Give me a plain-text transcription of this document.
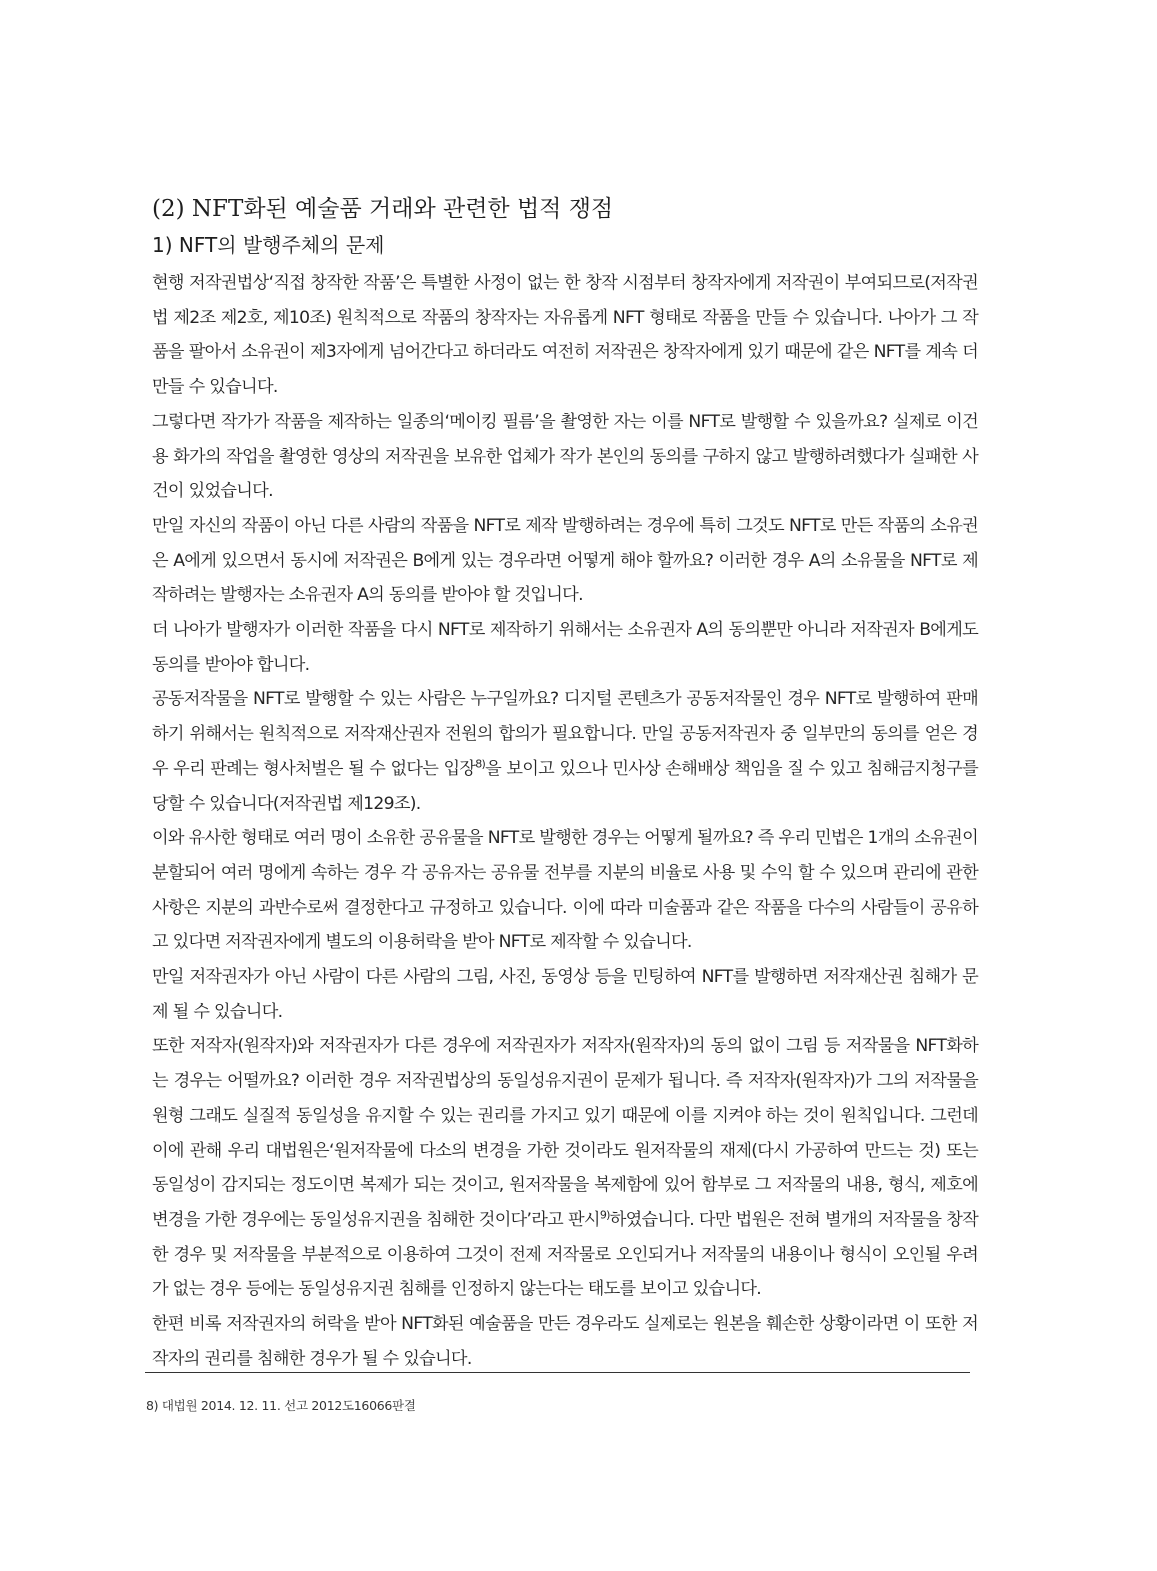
(2) NFT화된 예술품 거래와 관련한 법적 쟁점
1) NFT의 발행주체의 문제

현행 저작권법상‘직접 창작한 작품’은 특별한 사정이 없는 한 창작 시점부터 창작자에게 저작권이 부여되므로(저작권법 제2조 제2호, 제10조) 원칙적으로 작품의 창작자는 자유롭게 NFT 형태로 작품을 만들 수 있습니다. 나아가 그 작품을 팔아서 소유권이 제3자에게 넘어간다고 하더라도 여전히 저작권은 창작자에게 있기 때문에 같은 NFT를 계속 더 만들 수 있습니다.

그렇다면 작가가 작품을 제작하는 일종의‘메이킹 필름’을 촬영한 자는 이를 NFT로 발행할 수 있을까요? 실제로 이건용 화가의 작업을 촬영한 영상의 저작권을 보유한 업체가 작가 본인의 동의를 구하지 않고 발행하려했다가 실패한 사건이 있었습니다.

만일 자신의 작품이 아닌 다른 사람의 작품을 NFT로 제작 발행하려는 경우에 특히 그것도 NFT로 만든 작품의 소유권은 A에게 있으면서 동시에 저작권은 B에게 있는 경우라면 어떻게 해야 할까요? 이러한 경우 A의 소유물을 NFT로 제작하려는 발행자는 소유권자 A의 동의를 받아야 할 것입니다.

더 나아가 발행자가 이러한 작품을 다시 NFT로 제작하기 위해서는 소유권자 A의 동의뿐만 아니라 저작권자 B에게도 동의를 받아야 합니다.

공동저작물을 NFT로 발행할 수 있는 사람은 누구일까요? 디지털 콘텐츠가 공동저작물인 경우 NFT로 발행하여 판매하기 위해서는 원칙적으로 저작재산권자 전원의 합의가 필요합니다. 만일 공동저작권자 중 일부만의 동의를 얻은 경우 우리 판례는 형사처벌은 될 수 없다는 입장$^{8)}$을 보이고 있으나 민사상 손해배상 책임을 질 수 있고 침해금지청구를 당할 수 있습니다(저작권법 제129조).

이와 유사한 형태로 여러 명이 소유한 공유물을 NFT로 발행한 경우는 어떻게 될까요? 즉 우리 민법은 1개의 소유권이 분할되어 여러 명에게 속하는 경우 각 공유자는 공유물 전부를 지분의 비율로 사용 및 수익 할 수 있으며 관리에 관한 사항은 지분의 과반수로써 결정한다고 규정하고 있습니다. 이에 따라 미술품과 같은 작품을 다수의 사람들이 공유하고 있다면 저작권자에게 별도의 이용허락을 받아 NFT로 제작할 수 있습니다.

만일 저작권자가 아닌 사람이 다른 사람의 그림, 사진, 동영상 등을 민팅하여 NFT를 발행하면 저작재산권 침해가 문제 될 수 있습니다.

또한 저작자(원작자)와 저작권자가 다른 경우에 저작권자가 저작자(원작자)의 동의 없이 그림 등 저작물을 NFT화하는 경우는 어떨까요? 이러한 경우 저작권법상의 동일성유지권이 문제가 됩니다. 즉 저작자(원작자)가 그의 저작물을 원형 그래도 실질적 동일성을 유지할 수 있는 권리를 가지고 있기 때문에 이를 지켜야 하는 것이 원칙입니다. 그런데 이에 관해 우리 대법원은‘원저작물에 다소의 변경을 가한 것이라도 원저작물의 재제(다시 가공하여 만드는 것) 또는 동일성이 감지되는 정도이면 복제가 되는 것이고, 원저작물을 복제함에 있어 함부로 그 저작물의 내용, 형식, 제호에 변경을 가한 경우에는 동일성유지권을 침해한 것이다’라고 판시$^{9)}$하였습니다. 다만 법원은 전혀 별개의 저작물을 창작한 경우 및 저작물을 부분적으로 이용하여 그것이 전제 저작물로 오인되거나 저작물의 내용이나 형식이 오인될 우려가 없는 경우 등에는 동일성유지권 침해를 인정하지 않는다는 태도를 보이고 있습니다.

한편 비록 저작권자의 허락을 받아 NFT화된 예술품을 만든 경우라도 실제로는 원본을 훼손한 상황이라면 이 또한 저작자의 권리를 침해한 경우가 될 수 있습니다.

8) 대법원 2014. 12. 11. 선고 2012도16066판결
